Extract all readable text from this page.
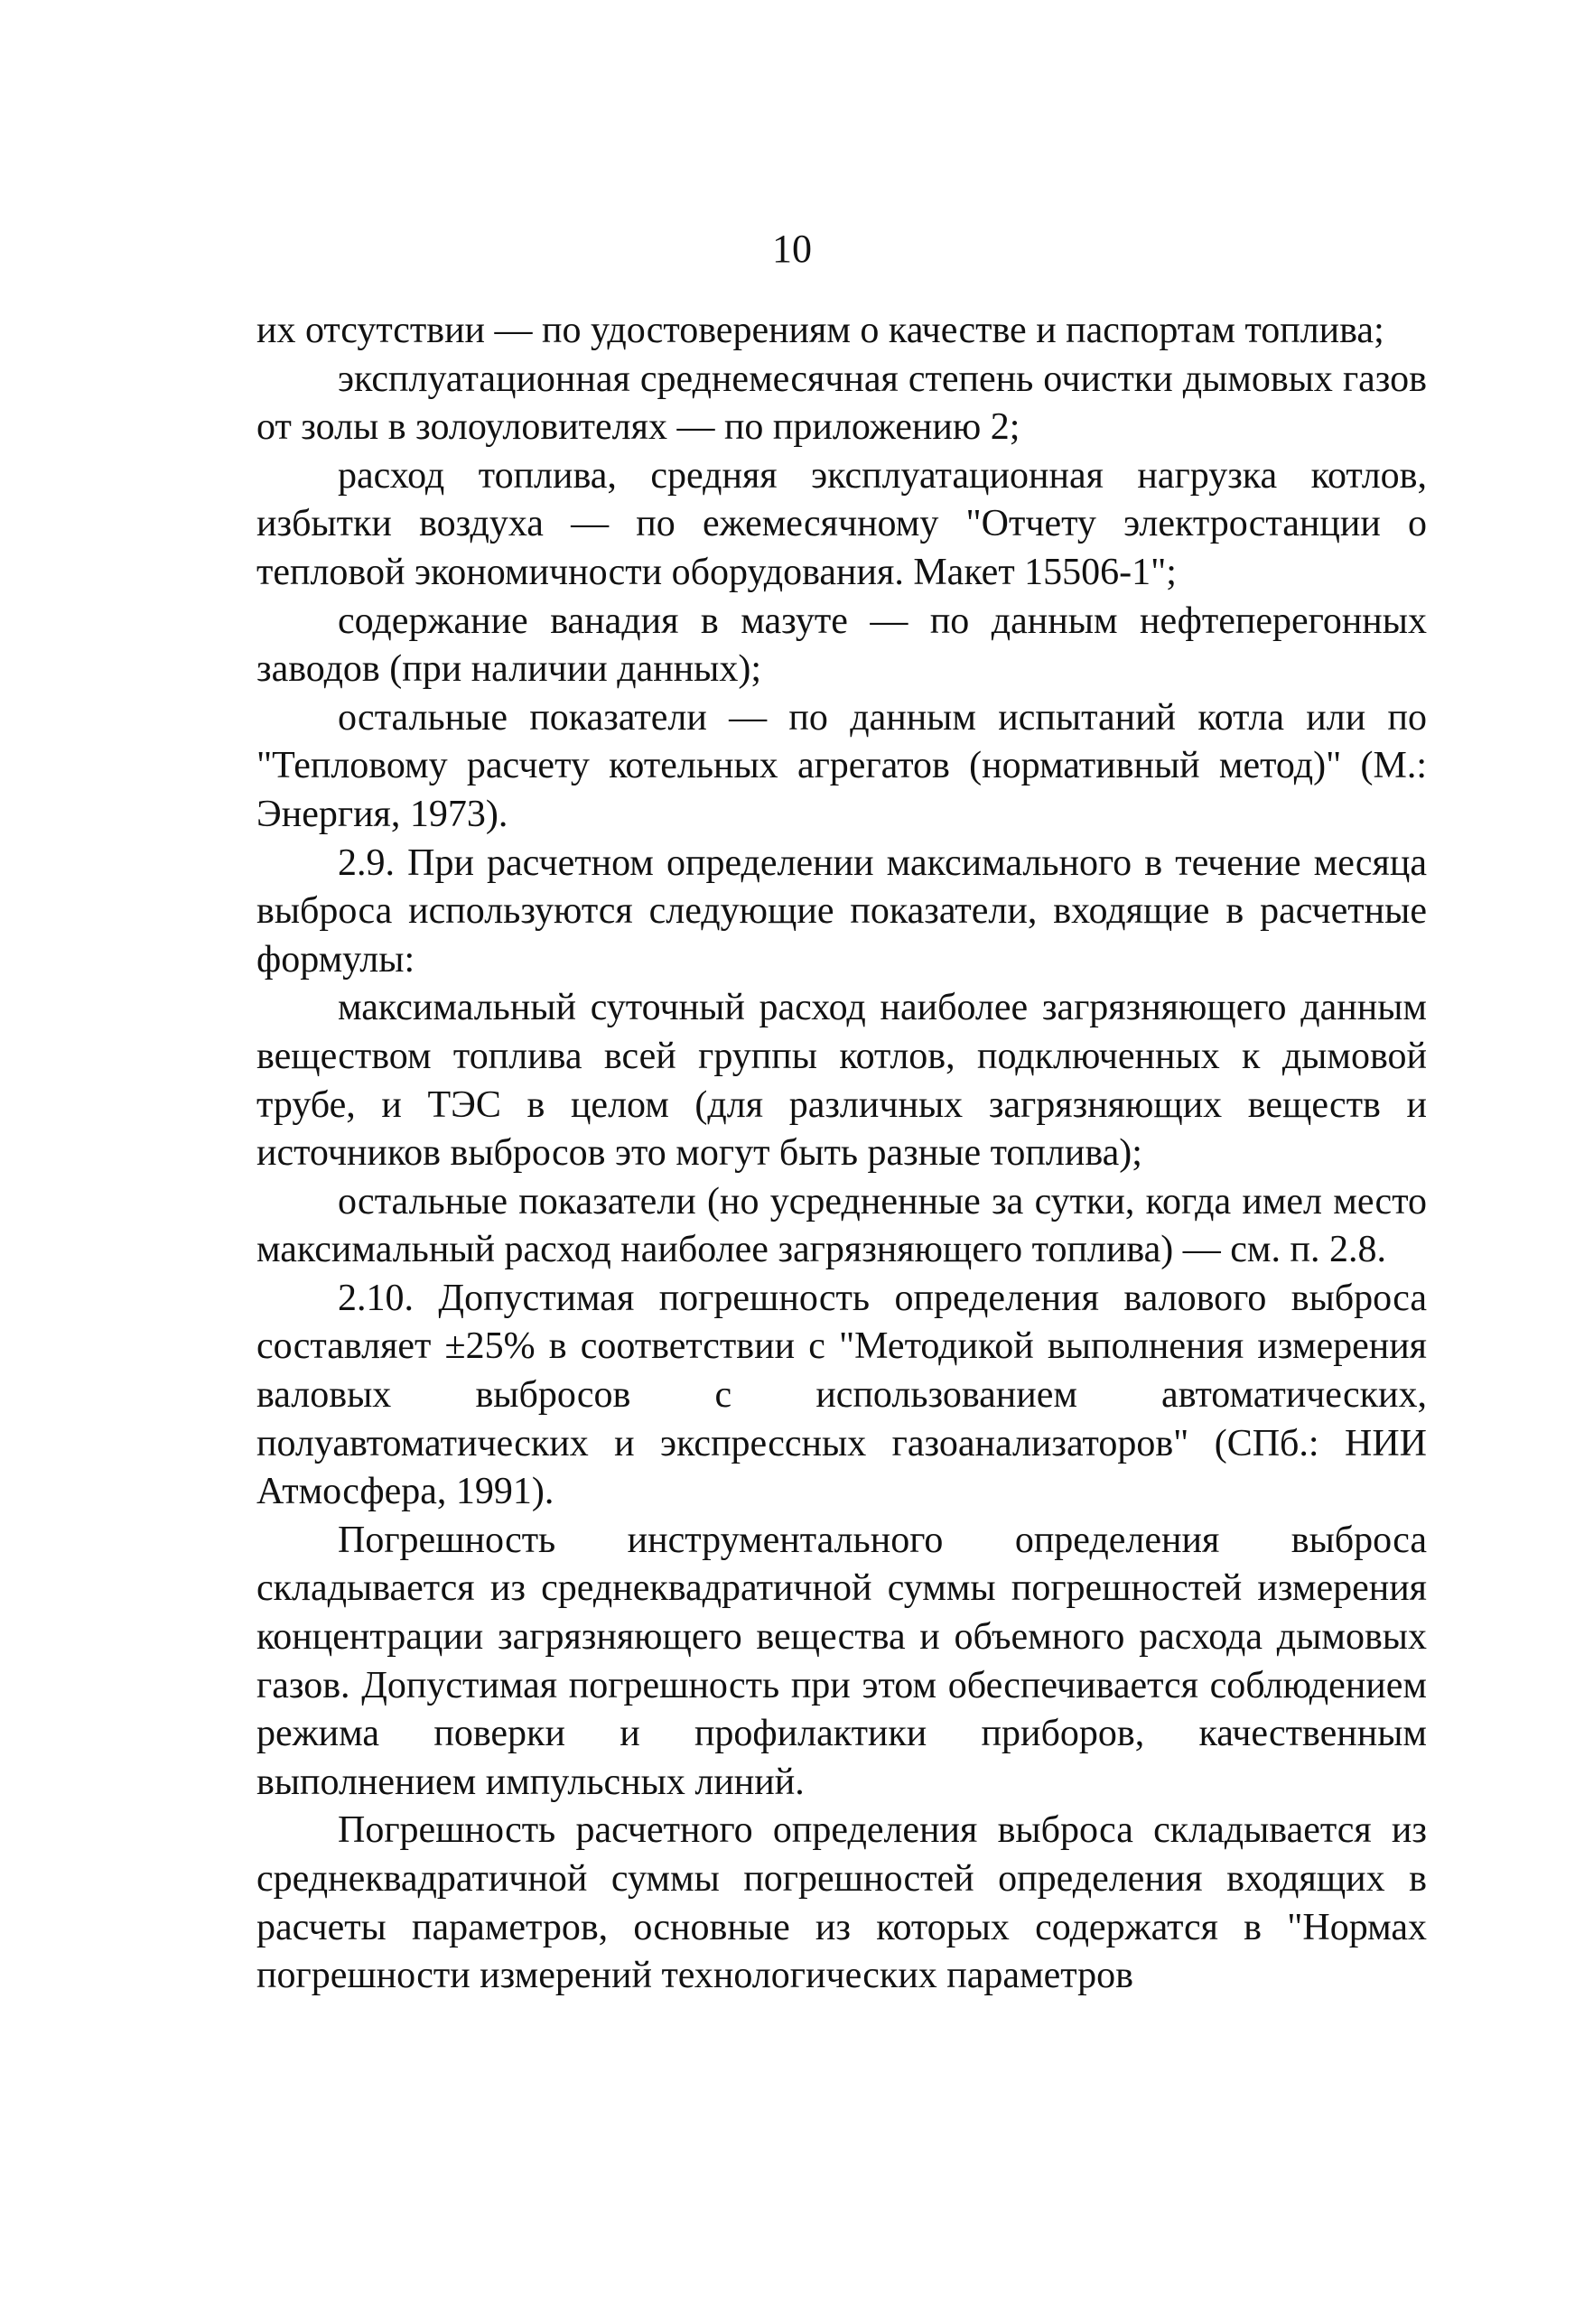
10

их отсутствии — по удостоверениям о качестве и паспортам топлива;

эксплуатационная среднемесячная степень очистки дымовых газов от золы в золоуловителях — по приложению 2;

расход топлива, средняя эксплуатационная нагрузка котлов, избытки воздуха — по ежемесячному "Отчету электростанции о тепловой экономичности оборудования. Макет 15506-1";

содержание ванадия в мазуте — по данным нефтеперегонных заводов (при наличии данных);

остальные показатели — по данным испытаний котла или по "Тепловому расчету котельных агрегатов (нормативный метод)" (М.: Энергия, 1973).

2.9. При расчетном определении максимального в течение месяца выброса используются следующие показатели, входящие в расчетные формулы:

максимальный суточный расход наиболее загрязняющего данным веществом топлива всей группы котлов, подключенных к дымовой трубе, и ТЭС в целом (для различных загрязняющих веществ и источников выбросов это могут быть разные топлива);

остальные показатели (но усредненные за сутки, когда имел место максимальный расход наиболее загрязняющего топлива) — см. п. 2.8.

2.10. Допустимая погрешность определения валового выброса составляет ±25% в соответствии с "Методикой выполнения измерения валовых выбросов с использованием автоматических, полуавтоматических и экспрессных газоанализаторов" (СПб.: НИИ Атмосфера, 1991).

Погрешность инструментального определения выброса складывается из среднеквадратичной суммы погрешностей измерения концентрации загрязняющего вещества и объемного расхода дымовых газов. Допустимая погрешность при этом обеспечивается соблюдением режима поверки и профилактики приборов, качественным выполнением импульсных линий.

Погрешность расчетного определения выброса складывается из среднеквадратичной суммы погрешностей определения входящих в расчеты параметров, основные из которых содержатся в "Нормах погрешности измерений технологических параметров
